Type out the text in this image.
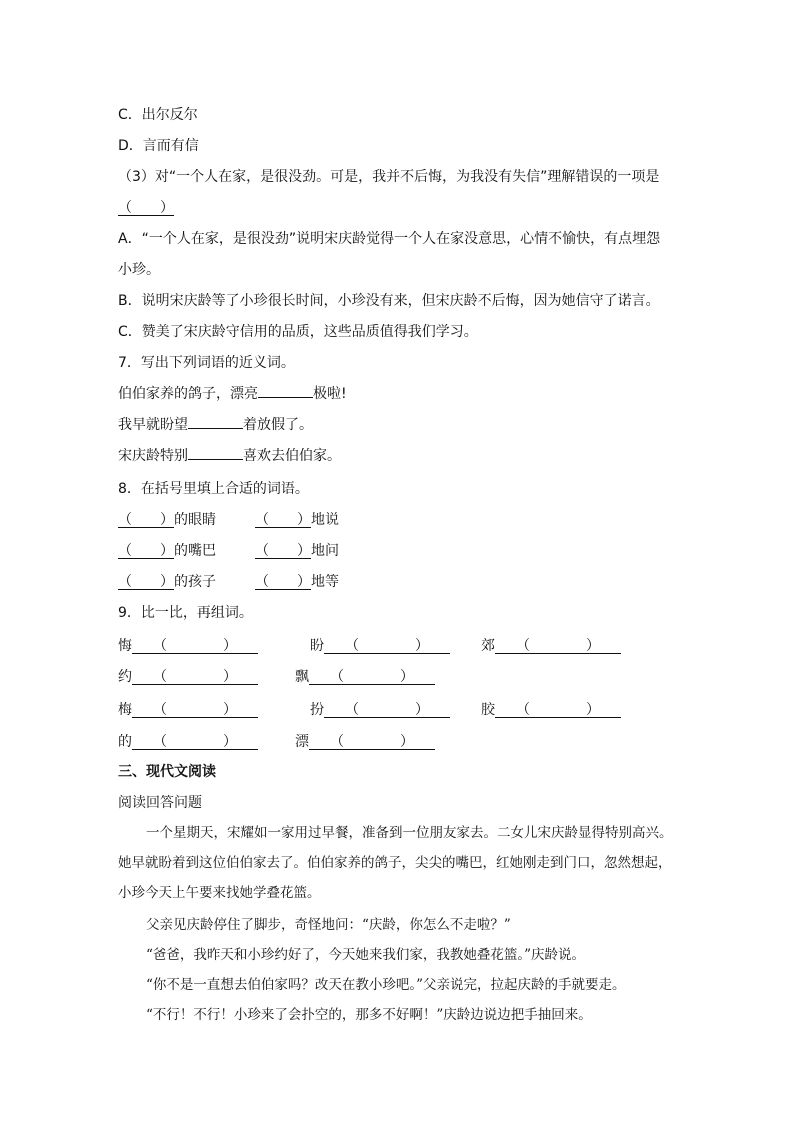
C．出尔反尔
D．言而有信
（3）对“一个人在家，是很没劲。可是，我并不后悔，为我没有失信”理解错误的一项是
（　　）
A．“一个人在家，是很没劲”说明宋庆龄觉得一个人在家没意思，心情不愉快，有点埋怨
小珍。
B．说明宋庆龄等了小珍很长时间，小珍没有来，但宋庆龄不后悔，因为她信守了诺言。
C．赞美了宋庆龄守信用的品质，这些品质值得我们学习。
7．写出下列词语的近义词。
伯伯家养的鸽子，漂亮	极啦!
我早就盼望	着放假了。
宋庆龄特别	喜欢去伯伯家。
8．在括号里填上合适的词语。
（　　）的眼睛	（　　）地说
（　　）的嘴巴	（　　）地问
（　　）的孩子	（　　）地等
9．比一比，再组词。
悔   （　　　　）  	盼   （　　　　）  	郊   （　　　　）  
约   （　　　　）  	飘   （　　　　）  
梅   （　　　　）  	扮   （　　　　）  	胶   （　　　　）  
的   （　　　　）  	漂   （　　　　）  
三、现代文阅读
阅读回答问题
一个星期天，宋耀如一家用过早餐，准备到一位朋友家去。二女儿宋庆龄显得特别高兴。她早就盼着到这位伯伯家去了。伯伯家养的鸽子，尖尖的嘴巴，红她刚走到门口，忽然想起，小珍今天上午要来找她学叠花篮。
父亲见庆龄停住了脚步，奇怪地问：“庆龄，你怎么不走啦？”
“爸爸，我昨天和小珍约好了，今天她来我们家，我教她叠花篮。”庆龄说。
“你不是一直想去伯伯家吗？改天在教小珍吧。”父亲说完，拉起庆龄的手就要走。
“不行！不行！小珍来了会扑空的，那多不好啊！”庆龄边说边把手抽回来。
